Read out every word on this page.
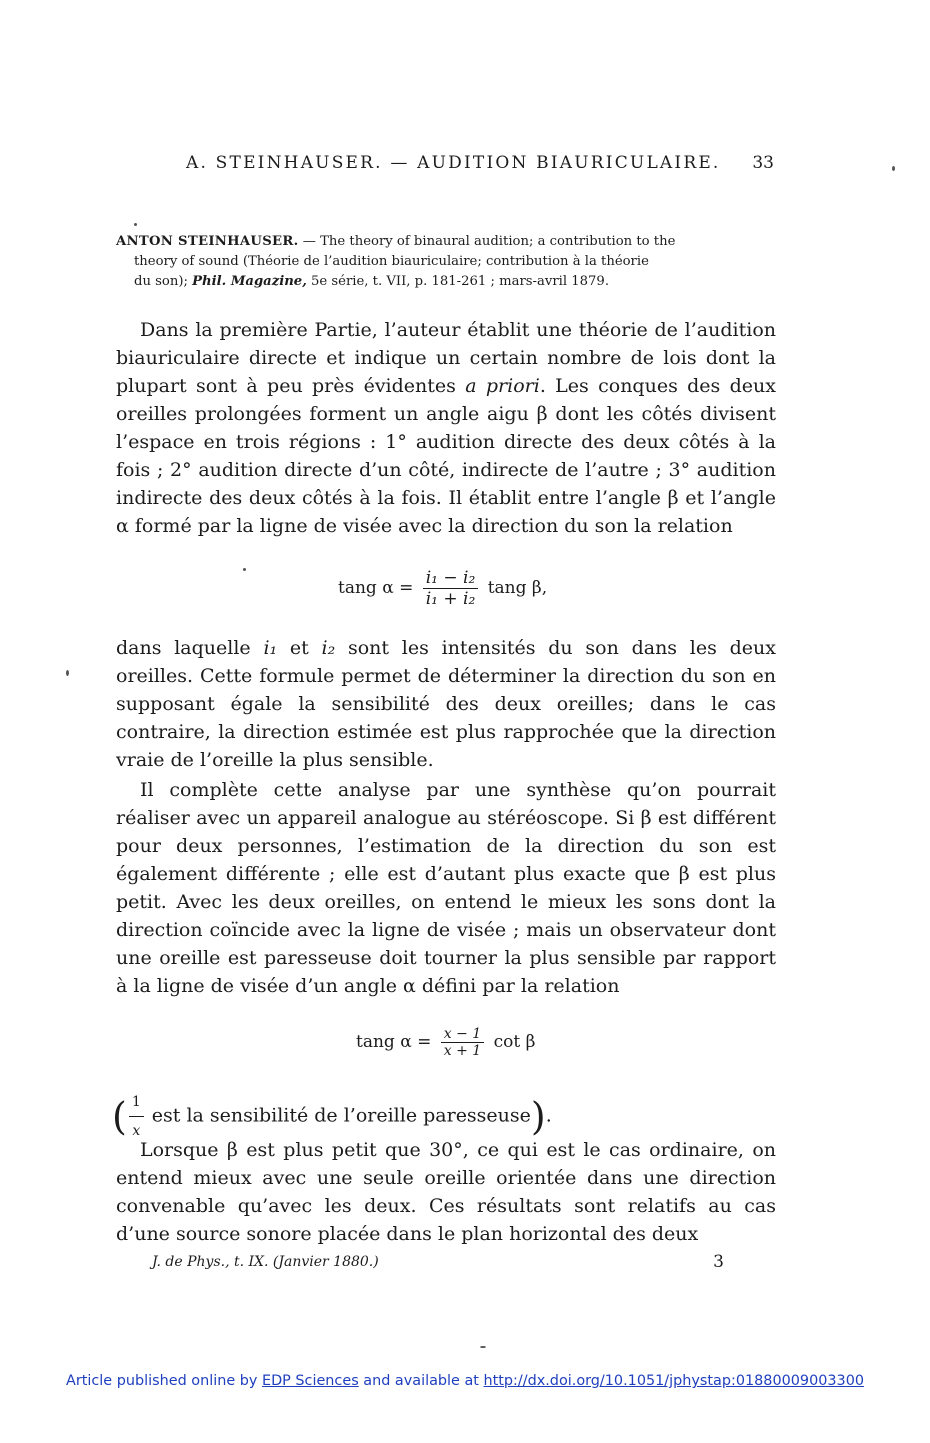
A. STEINHAUSER. — AUDITION BIAURICULAIRE. 33
ANTON STEINHAUSER. — The theory of binaural audition; a contribution to the
theory of sound (Théorie de l’audition biauriculaire; contribution à la théorie
du son); Phil. Magazine, 5e série, t. VII, p. 181-261 ; mars-avril 1879.

Dans la première Partie, l’auteur établit une théorie de l’audition biauriculaire directe et indique un certain nombre de lois dont la plupart sont à peu près évidentes a priori. Les conques des deux oreilles prolongées forment un angle aigu β dont les côtés divisent l’espace en trois régions : 1° audition directe des deux côtés à la fois ; 2° audition directe d’un côté, indirecte de l’autre ; 3° audition indirecte des deux côtés à la fois. Il établit entre l’angle β et l’angle α formé par la ligne de visée avec la direction du son la relation

tang $\alpha = \frac{\text{i₁ − i₂}}{\text{i₁ + i₂}}$ tang β,

dans laquelle i₁ et i₂ sont les intensités du son dans les deux oreilles. Cette formule permet de déterminer la direction du son en supposant égale la sensibilité des deux oreilles; dans le cas contraire, la direction estimée est plus rapprochée que la direction vraie de l’oreille la plus sensible.

Il complète cette analyse par une synthèse qu’on pourrait réaliser avec un appareil analogue au stéréoscope. Si β est différent pour deux personnes, l’estimation de la direction du son est également différente ; elle est d’autant plus exacte que β est plus petit. Avec les deux oreilles, on entend le mieux les sons dont la direction coïncide avec la ligne de visée ; mais un observateur dont une oreille est paresseuse doit tourner la plus sensible par rapport à la ligne de visée d’un angle α défini par la relation

tang $\alpha = \frac{x - 1}{x + 1}$ cot β
( $\frac{1}{x}$ est la sensibilité de l’oreille paresseuse).

Lorsque β est plus petit que 30°, ce qui est le cas ordinaire, on entend mieux avec une seule oreille orientée dans une direction convenable qu’avec les deux. Ces résultats sont relatifs au cas d’une source sonore placée dans le plan horizontal des deux

J. de Phys., t. IX. (Janvier 1880.)	3
Article published online by EDP Sciences and available at http://dx.doi.org/10.1051/jphystap:01880009003300
